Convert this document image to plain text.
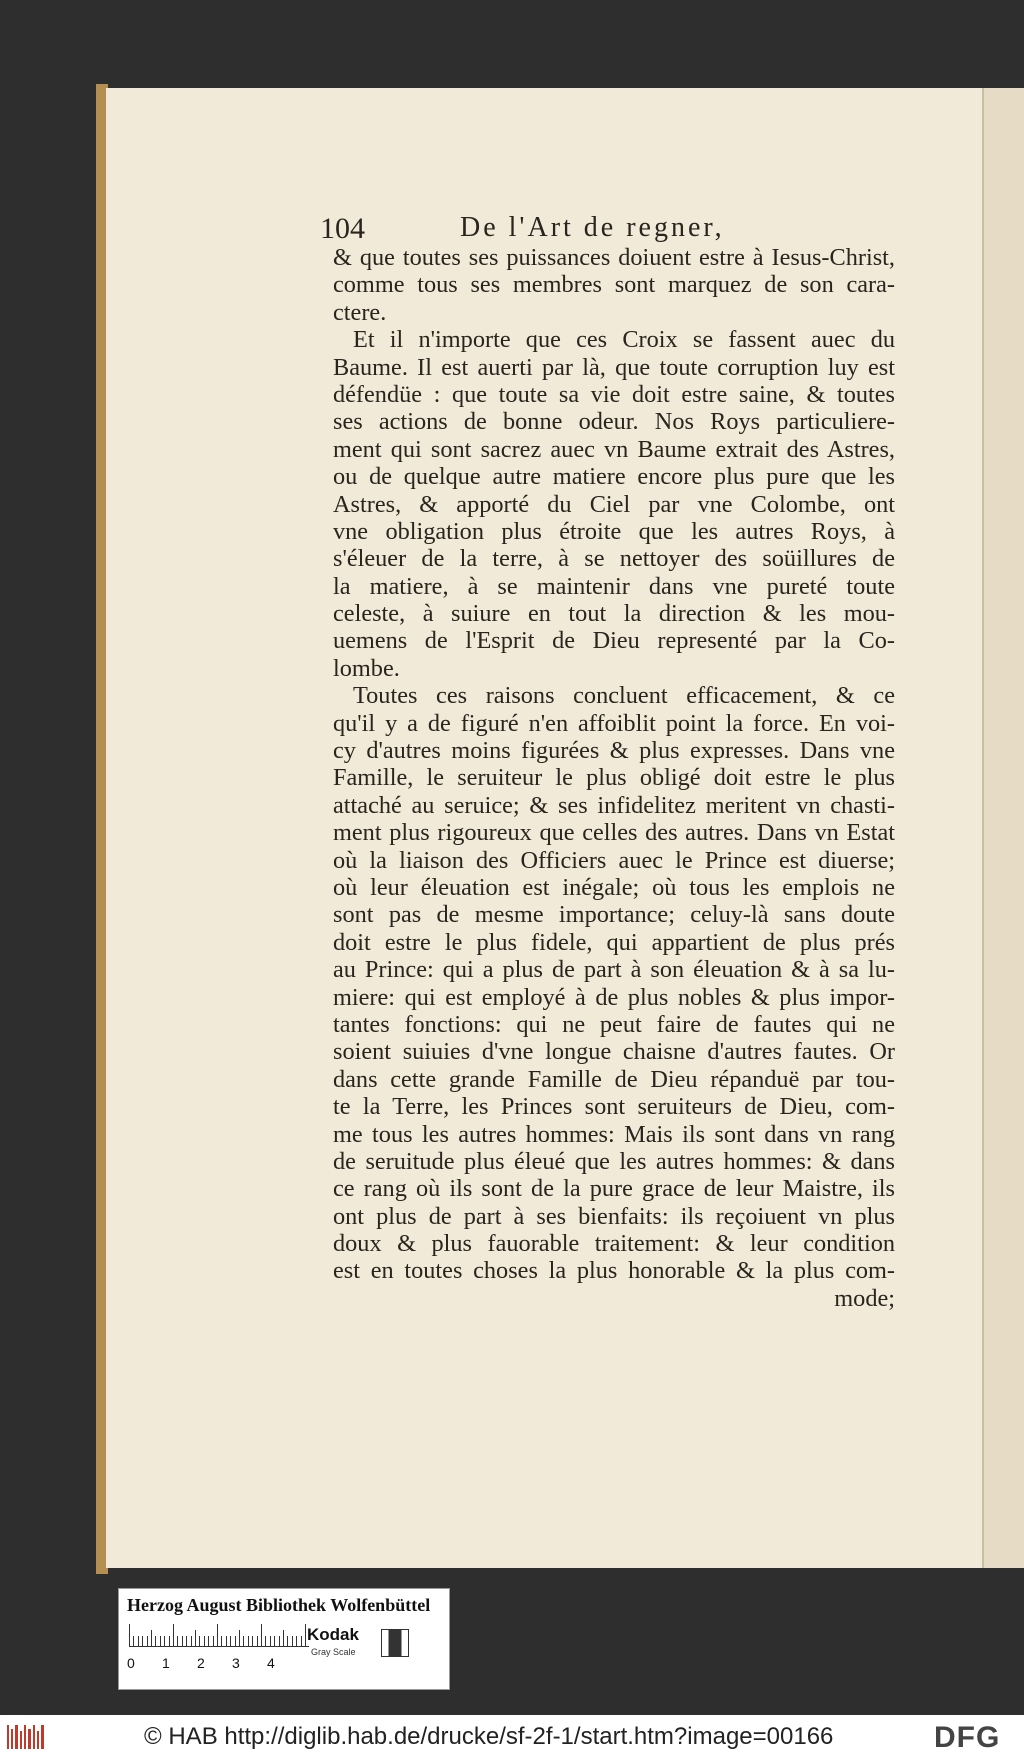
104	De l'Art de regner,
& que toutes ses puissances doiuent estre à Iesus-Christ,
comme tous ses membres sont marquez de son cara-
ctere.
Et il n'importe que ces Croix se fassent auec du
Baume. Il est auerti par là, que toute corruption luy est
défendüe : que toute sa vie doit estre saine, & toutes
ses actions de bonne odeur. Nos Roys particuliere-
ment qui sont sacrez auec vn Baume extrait des Astres,
ou de quelque autre matiere encore plus pure que les
Astres, & apporté du Ciel par vne Colombe, ont
vne obligation plus étroite que les autres Roys, à
s'éleuer de la terre, à se nettoyer des soüillures de
la matiere, à se maintenir dans vne pureté toute
celeste, à suiure en tout la direction & les mou-
uemens de l'Esprit de Dieu representé par la Co-
lombe.
Toutes ces raisons concluent efficacement, & ce
qu'il y a de figuré n'en affoiblit point la force. En voi-
cy d'autres moins figurées & plus expresses. Dans vne
Famille, le seruiteur le plus obligé doit estre le plus
attaché au seruice; & ses infidelitez meritent vn chasti-
ment plus rigoureux que celles des autres. Dans vn Estat
où la liaison des Officiers auec le Prince est diuerse;
où leur éleuation est inégale; où tous les emplois ne
sont pas de mesme importance; celuy-là sans doute
doit estre le plus fidele, qui appartient de plus prés
au Prince: qui a plus de part à son éleuation & à sa lu-
miere: qui est employé à de plus nobles & plus impor-
tantes fonctions: qui ne peut faire de fautes qui ne
soient suiuies d'vne longue chaisne d'autres fautes. Or
dans cette grande Famille de Dieu répanduë par tou-
te la Terre, les Princes sont seruiteurs de Dieu, com-
me tous les autres hommes: Mais ils sont dans vn rang
de seruitude plus éleué que les autres hommes: & dans
ce rang où ils sont de la pure grace de leur Maistre, ils
ont plus de part à ses bienfaits: ils reçoiuent vn plus
doux & plus fauorable traitement: & leur condition
est en toutes choses la plus honorable & la plus com-
mode;
Herzog August Bibliothek Wolfenbüttel
0 1 2 3 4
Kodak
Gray Scale
© HAB http://diglib.hab.de/drucke/sf-2f-1/start.htm?image=00166	DFG
